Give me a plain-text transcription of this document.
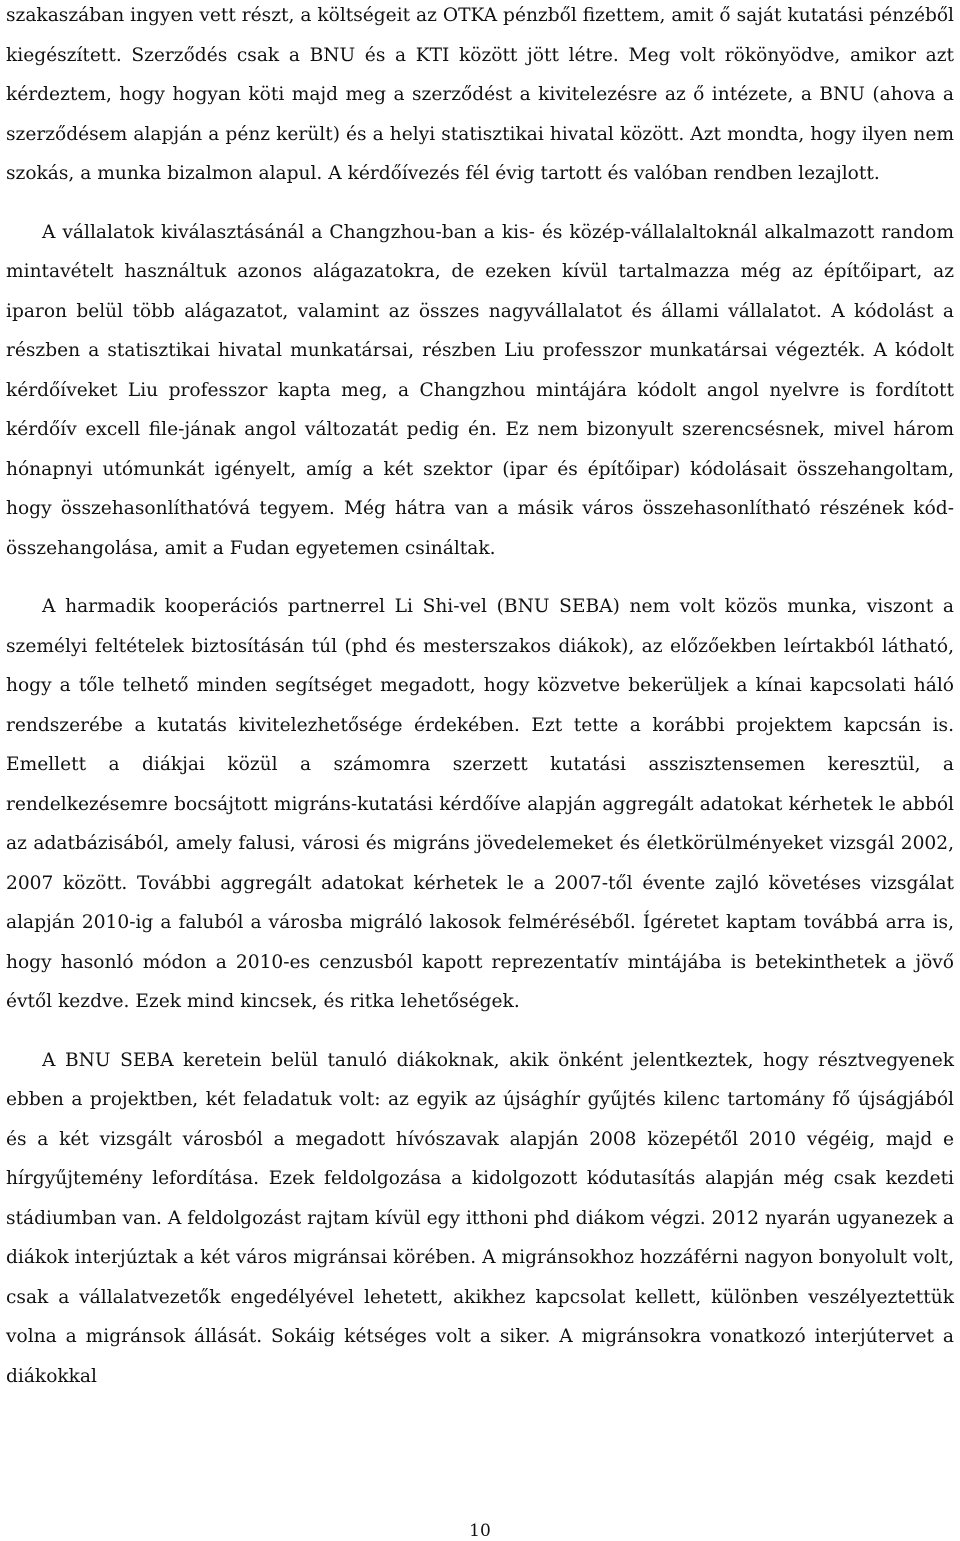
szakaszában ingyen vett részt, a költségeit az OTKA pénzből fizettem, amit ő saját kutatási pénzéből kiegészített. Szerződés csak a BNU és a KTI között jött létre. Meg volt rökönyödve, amikor azt kérdeztem, hogy hogyan köti majd meg a szerződést a kivitelezésre az ő intézete, a BNU (ahova a szerződésem alapján a pénz került) és a helyi statisztikai hivatal között. Azt mondta, hogy ilyen nem szokás, a munka bizalmon alapul. A kérdőívezés fél évig tartott és valóban rendben lezajlott.

A vállalatok kiválasztásánál a Changzhou-ban a kis- és közép-vállalaltoknál alkalmazott random mintavételt használtuk azonos alágazatokra, de ezeken kívül tartalmazza még az építőipart, az iparon belül több alágazatot, valamint az összes nagyvállalatot és állami vállalatot. A kódolást a részben a statisztikai hivatal munkatársai, részben Liu professzor munkatársai végezték. A kódolt kérdőíveket Liu professzor kapta meg, a Changzhou mintájára kódolt angol nyelvre is fordított kérdőív excell file-jának angol változatát pedig én. Ez nem bizonyult szerencsésnek, mivel három hónapnyi utómunkát igényelt, amíg a két szektor (ipar és építőipar) kódolásait összehangoltam, hogy összehasonlíthatóvá tegyem. Még hátra van a másik város összehasonlítható részének kód-összehangolása, amit a Fudan egyetemen csináltak.

A harmadik kooperációs partnerrel Li Shi-vel (BNU SEBA) nem volt közös munka, viszont a személyi feltételek biztosításán túl (phd és mesterszakos diákok), az előzőekben leírtakból látható, hogy a tőle telhető minden segítséget megadott, hogy közvetve bekerüljek a kínai kapcsolati háló rendszerébe a kutatás kivitelezhetősége érdekében. Ezt tette a korábbi projektem kapcsán is. Emellett a diákjai közül a számomra szerzett kutatási asszisztensemen keresztül, a rendelkezésemre bocsájtott migráns-kutatási kérdőíve alapján aggregált adatokat kérhetek le abból az adatbázisából, amely falusi, városi és migráns jövedelemeket és életkörülményeket vizsgál 2002, 2007 között. További aggregált adatokat kérhetek le a 2007-től évente zajló követéses vizsgálat alapján 2010-ig a faluból a városba migráló lakosok felméréséből. Ígéretet kaptam továbbá arra is, hogy hasonló módon a 2010-es cenzusból kapott reprezentatív mintájába is betekinthetek a jövő évtől kezdve. Ezek mind kincsek, és ritka lehetőségek.

A BNU SEBA keretein belül tanuló diákoknak, akik önként jelentkeztek, hogy résztvegyenek ebben a projektben, két feladatuk volt: az egyik az újsághír gyűjtés kilenc tartomány fő újságjából és a két vizsgált városból a megadott hívószavak alapján 2008 közepétől 2010 végéig, majd e hírgyűjtemény lefordítása. Ezek feldolgozása a kidolgozott kódutasítás alapján még csak kezdeti stádiumban van. A feldolgozást rajtam kívül egy itthoni phd diákom végzi. 2012 nyarán ugyanezek a diákok interjúztak a két város migránsai körében. A migránsokhoz hozzáférni nagyon bonyolult volt, csak a vállalatvezetők engedélyével lehetett, akikhez kapcsolat kellett, különben veszélyeztettük volna a migránsok állását. Sokáig kétséges volt a siker. A migránsokra vonatkozó interjútervet a diákokkal

10
